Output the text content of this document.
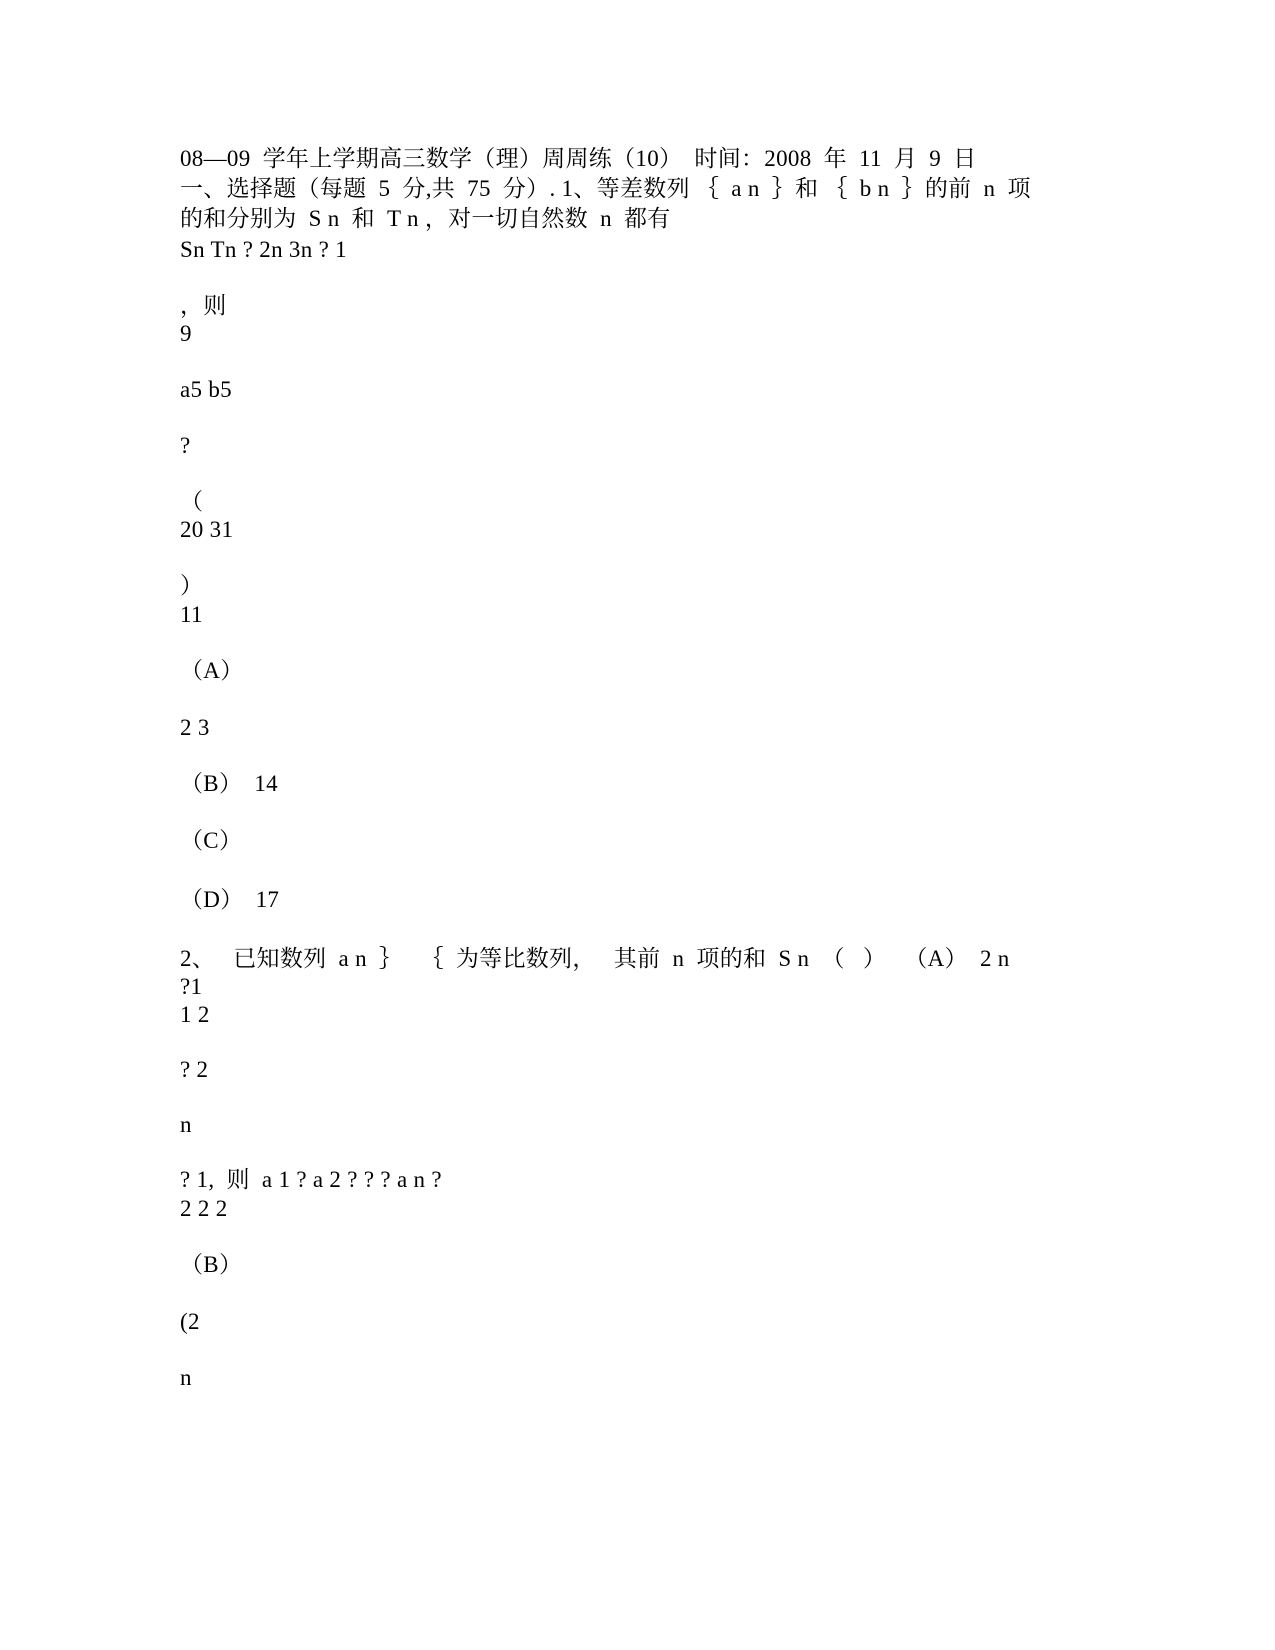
08—09  学年上学期高三数学（理）周周练（10）  时间：2008  年  11  月  9  日
一、选择题（每题  5  分,共  75  分）. 1、等差数列 ｛  a n  ｝和 ｛  b n  ｝的前  n  项
的和分别为  S n  和  T n ，对一切自然数  n  都有
Sn Tn ? 2n 3n ? 1
，则
9
a5 b5
?
（
20 31
）
11
（A）
2 3
（B）  14
（C）
（D）  17
2、   已知数列  a n  ｝   ｛  为等比数列，   其前  n  项的和  S n  （   ）   （A）  2 n
?1
1 2
? 2
n
? 1,  则  a 1 ? a 2 ? ? ? a n ?
2 2 2
（B）
(2
n
